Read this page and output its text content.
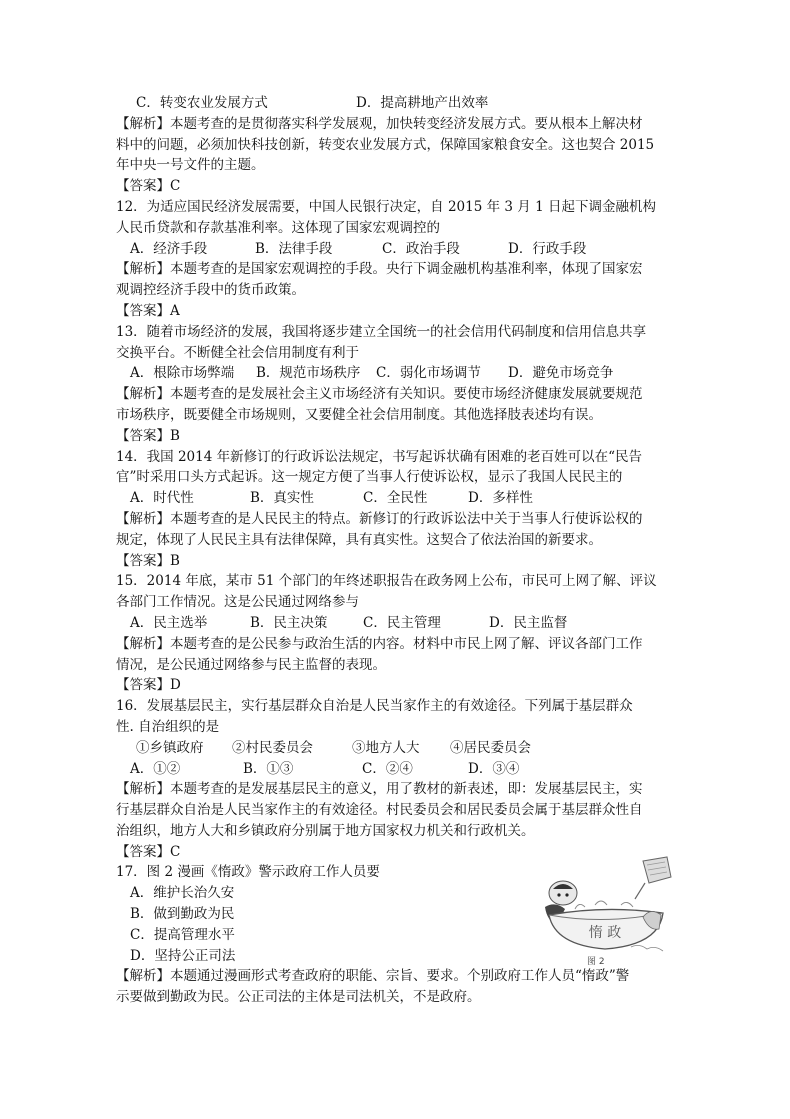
C．转变农业发展方式	D．提高耕地产出效率
【解析】本题考查的是贯彻落实科学发展观，加快转变经济发展方式。要从根本上解决材
料中的问题，必须加快科技创新，转变农业发展方式，保障国家粮食安全。这也契合 2015
年中央一号文件的主题。
【答案】C
12．为适应国民经济发展需要，中国人民银行决定，自 2015 年 3 月 1 日起下调金融机构
人民币贷款和存款基准利率。这体现了国家宏观调控的
A．经济手段	B．法律手段	C．政治手段	D．行政手段
【解析】本题考查的是国家宏观调控的手段。央行下调金融机构基准利率，体现了国家宏
观调控经济手段中的货币政策。
【答案】A
13．随着市场经济的发展，我国将逐步建立全国统一的社会信用代码制度和信用信息共享
交换平台。不断健全社会信用制度有利于
A．根除市场弊端 B．规范市场秩序 C．弱化市场调节 D．避免市场竞争
【解析】本题考查的是发展社会主义市场经济有关知识。要使市场经济健康发展就要规范
市场秩序，既要健全市场规则，又要健全社会信用制度。其他选择肢表述均有误。
【答案】B
14．我国 2014 年新修订的行政诉讼法规定，书写起诉状确有困难的老百姓可以在“民告
官”时采用口头方式起诉。这一规定方便了当事人行使诉讼权，显示了我国人民民主的
A．时代性	B．真实性	C．全民性	D．多样性
【解析】本题考查的是人民民主的特点。新修订的行政诉讼法中关于当事人行使诉讼权的
规定，体现了人民民主具有法律保障，具有真实性。这契合了依法治国的新要求。
【答案】B
15．2014 年底，某市 51 个部门的年终述职报告在政务网上公布，市民可上网了解、评议
各部门工作情况。这是公民通过网络参与
A．民主选举	B．民主决策	C．民主管理	D．民主监督
【解析】本题考查的是公民参与政治生活的内容。材料中市民上网了解、评议各部门工作
情况，是公民通过网络参与民主监督的表现。
【答案】D
16．发展基层民主，实行基层群众自治是人民当家作主的有效途径。下列属于基层群众
性. 自治组织的是
①乡镇政府 ②村民委员会	③地方人大 ④居民委员会
A．①②	B．①③	C．②④	D．③④
【解析】本题考查的是发展基层民主的意义，用了教材的新表述，即：发展基层民主，实
行基层群众自治是人民当家作主的有效途径。村民委员会和居民委员会属于基层群众性自
治组织，地方人大和乡镇政府分别属于地方国家权力机关和行政机关。
【答案】C
17．图 2 漫画《惰政》警示政府工作人员要
A．维护长治久安
B．做到勤政为民
C．提高管理水平
D．坚持公正司法
【解析】本题通过漫画形式考查政府的职能、宗旨、要求。个别政府工作人员“惰政”警
示要做到勤政为民。公正司法的主体是司法机关，不是政府。
惰 政
图 2
